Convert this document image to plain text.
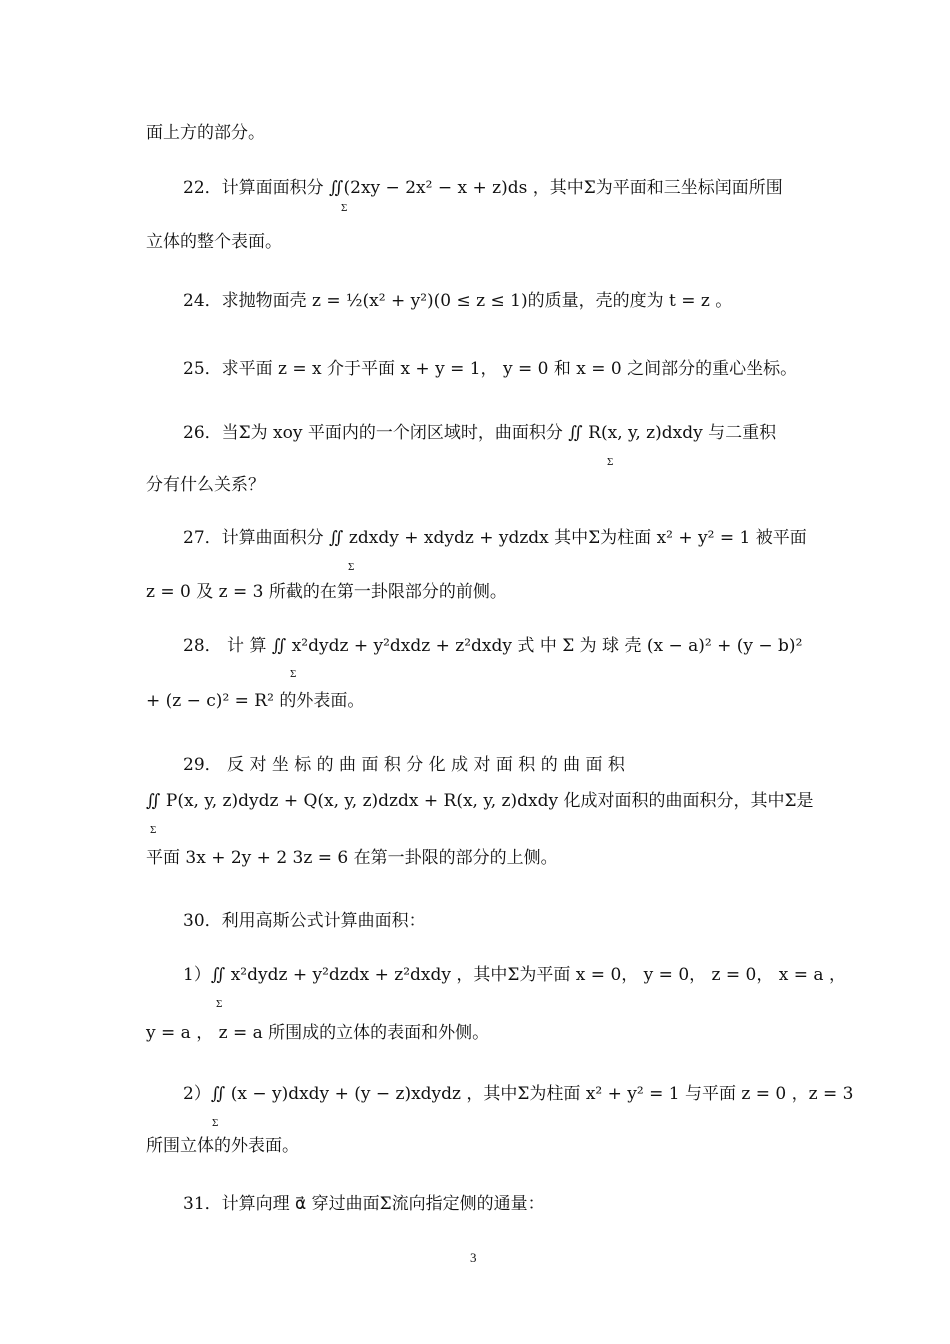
面上方的部分。
22．计算面面积分 ∬(2xy − 2x² − x + z)ds ，其中Σ为平面和三坐标闰面所围
Σ
立体的整个表面。
24．求抛物面壳 z = ½(x² + y²)(0 ≤ z ≤ 1)的质量，壳的度为 t = z 。
25．求平面 z = x 介于平面 x + y = 1， y = 0 和 x = 0 之间部分的重心坐标。
26．当Σ为 xoy 平面内的一个闭区域时，曲面积分 ∬ R(x, y, z)dxdy 与二重积
Σ
分有什么关系？
27．计算曲面积分 ∬ zdxdy + xdydz + ydzdx 其中Σ为柱面 x² + y² = 1 被平面
Σ
z = 0 及 z = 3 所截的在第一卦限部分的前侧。
28． 计 算 ∬ x²dydz + y²dxdz + z²dxdy 式 中 Σ 为 球 壳 (x − a)² + (y − b)²
Σ
+ (z − c)² = R² 的外表面。
29． 反 对 坐 标 的 曲 面 积 分 化 成 对 面 积 的 曲 面 积
∬ P(x, y, z)dydz + Q(x, y, z)dzdx + R(x, y, z)dxdy 化成对面积的曲面积分，其中Σ是
Σ
平面 3x + 2y + 2 3z = 6 在第一卦限的部分的上侧。
30．利用高斯公式计算曲面积：
1）∬ x²dydz + y²dzdx + z²dxdy ，其中Σ为平面 x = 0， y = 0， z = 0， x = a ，
Σ
y = a ， z = a 所围成的立体的表面和外侧。
2）∬ (x − y)dxdy + (y − z)xdydz ，其中Σ为柱面 x² + y² = 1 与平面 z = 0 ，z = 3
Σ
所围立体的外表面。
31．计算向理 α⃗ 穿过曲面Σ流向指定侧的通量：
3
